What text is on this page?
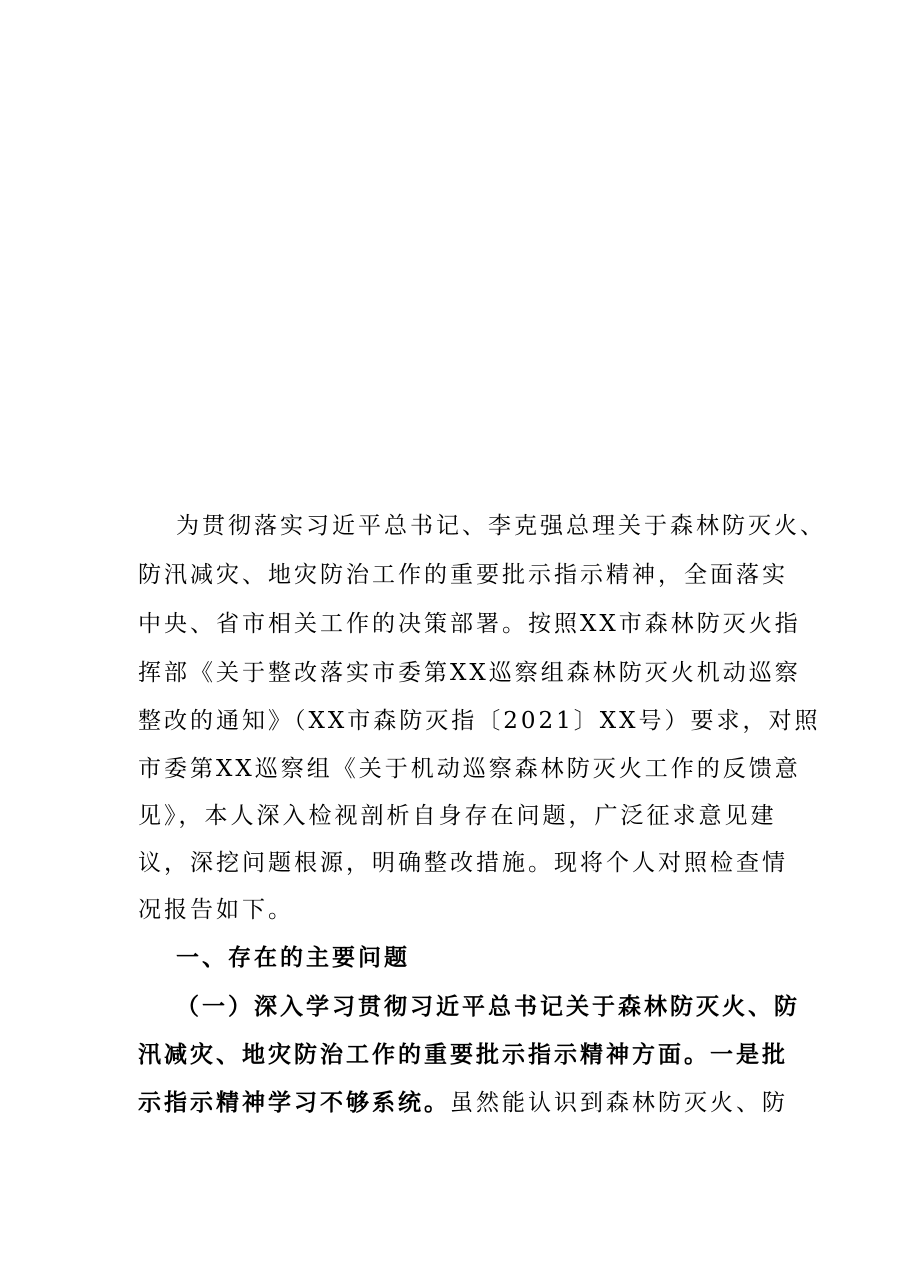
为贯彻落实习近平总书记、李克强总理关于森林防灭火、
防汛减灾、地灾防治工作的重要批示指示精神，全面落实
中央、省市相关工作的决策部署。按照XX市森林防灭火指
挥部《关于整改落实市委第XX巡察组森林防灭火机动巡察
整改的通知》（XX市森防灭指〔2021〕XX号）要求，对照
市委第XX巡察组《关于机动巡察森林防灭火工作的反馈意
见》，本人深入检视剖析自身存在问题，广泛征求意见建
议，深挖问题根源，明确整改措施。现将个人对照检查情
况报告如下。
一、存在的主要问题
（一）深入学习贯彻习近平总书记关于森林防灭火、防
汛减灾、地灾防治工作的重要批示指示精神方面。一是批
示指示精神学习不够系统。虽然能认识到森林防灭火、防
